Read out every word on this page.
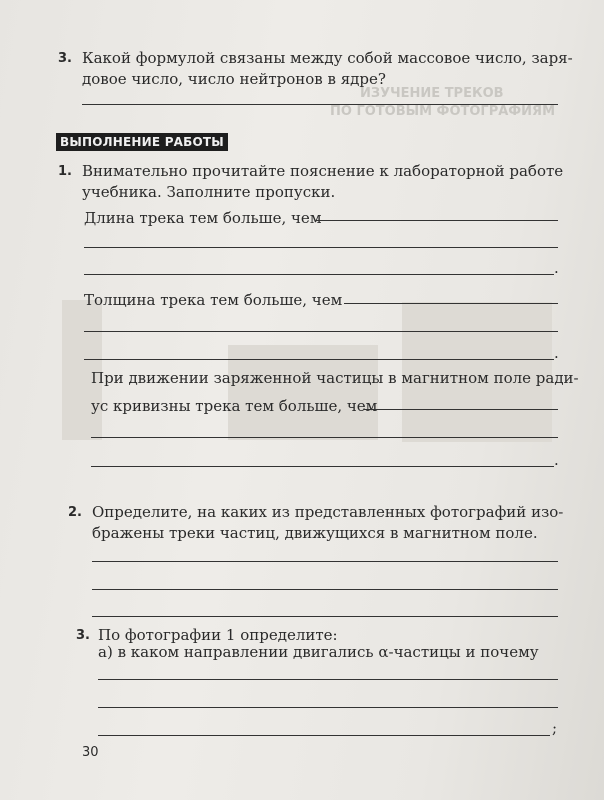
ИЗУЧЕНИЕ ТРЕКОВ
ПО ГОТОВЫМ ФОТОГРАФИЯМ
3. Какой формулой связаны между собой массовое число, заря-
довое число, число нейтронов в ядре?
ВЫПОЛНЕНИЕ РАБОТЫ
1. Внимательно прочитайте пояснение к лабораторной работе
учебника. Заполните пропуски.
Длина трека тем больше, чем
.
Толщина трека тем больше, чем
.
При движении заряженной частицы в магнитном поле ради-
ус кривизны трека тем больше, чем
.
2. Определите, на каких из представленных фотографий изо-
бражены треки частиц, движущихся в магнитном поле.
3. По фотографии 1 определите:
а) в каком направлении двигались α-частицы и почему
;
30
